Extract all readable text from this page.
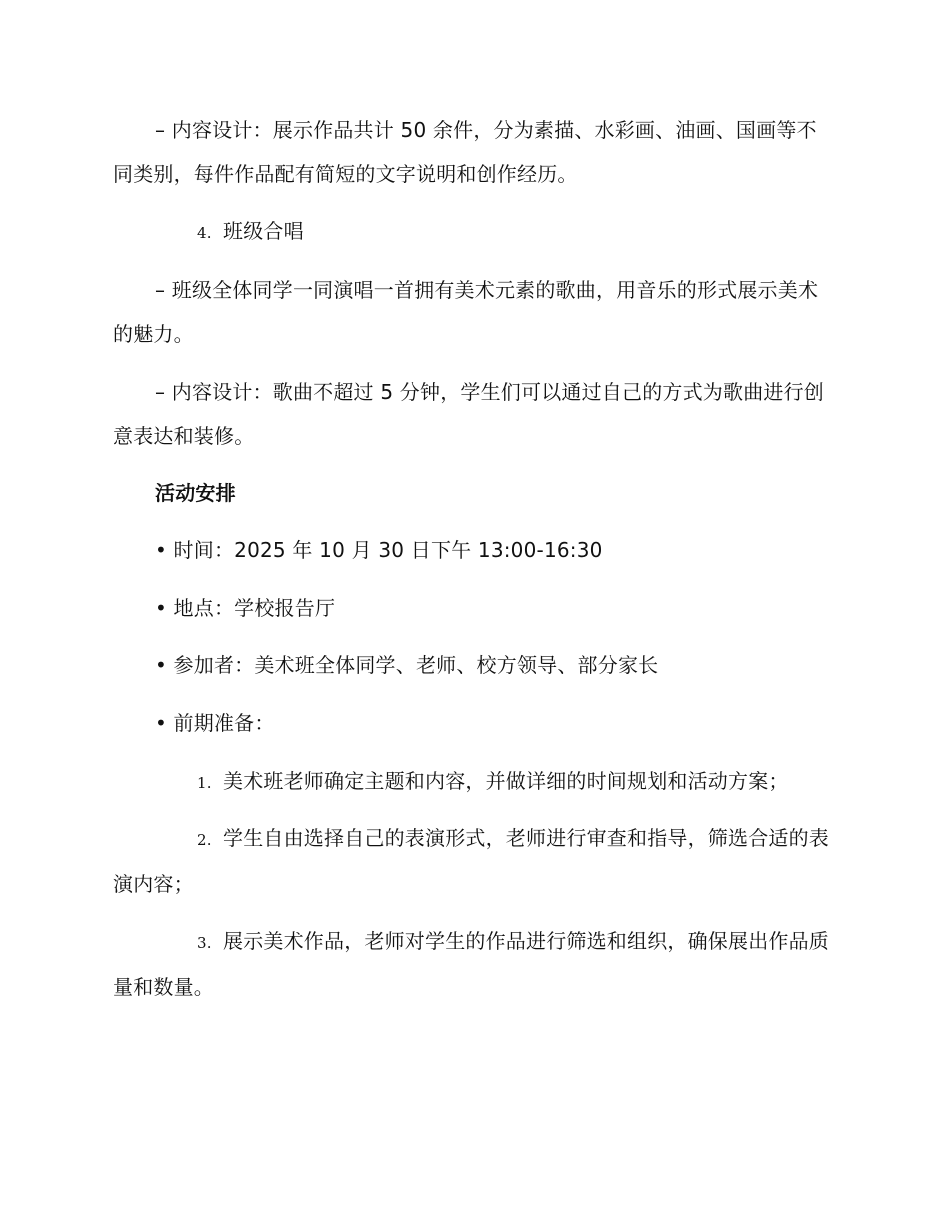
– 内容设计：展示作品共计 50 余件，分为素描、水彩画、油画、国画等不同类别，每件作品配有简短的文字说明和创作经历。

4. 班级合唱

– 班级全体同学一同演唱一首拥有美术元素的歌曲，用音乐的形式展示美术的魅力。

– 内容设计：歌曲不超过 5 分钟，学生们可以通过自己的方式为歌曲进行创意表达和装修。

活动安排

• 时间：2025 年 10 月 30 日下午 13:00-16:30

• 地点：学校报告厅

• 参加者：美术班全体同学、老师、校方领导、部分家长

• 前期准备：

1. 美术班老师确定主题和内容，并做详细的时间规划和活动方案；

2. 学生自由选择自己的表演形式，老师进行审查和指导，筛选合适的表演内容；

3. 展示美术作品，老师对学生的作品进行筛选和组织，确保展出作品质量和数量。
